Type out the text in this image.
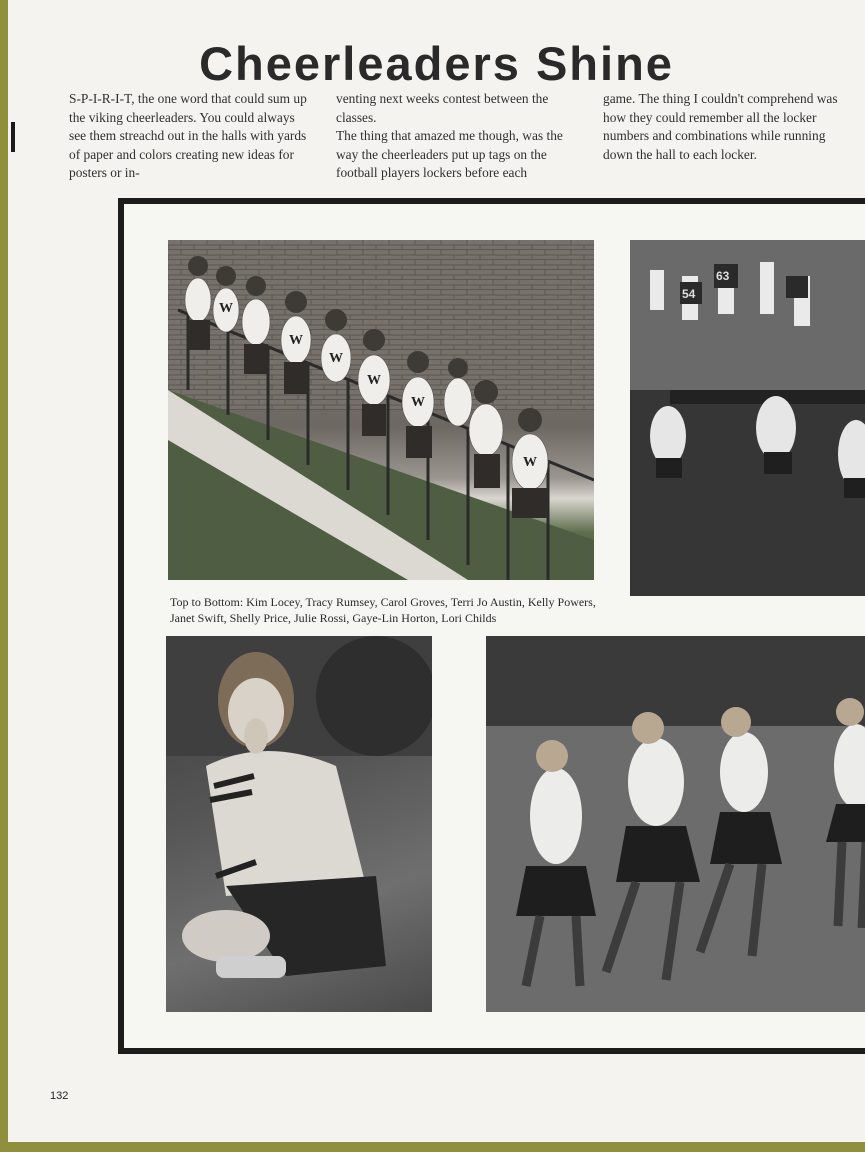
Cheerleaders Shine

S-P-I-R-I-T, the one word that could sum up the viking cheerleaders. You could always see them streachd out in the halls with yards of paper and colors creating new ideas for posters or in-

venting next weeks contest between the classes.

The thing that amazed me though, was the way the cheerleaders put up tags on the football players lockers before each

game. The thing I couldn't comprehend was how they could remember all the locker numbers and combinations while running down the hall to each locker.

W
W
W
W
W
W
54
63

Top to Bottom: Kim Locey, Tracy Rumsey, Carol Groves, Terri Jo Austin, Kelly Powers, Janet Swift, Shelly Price, Julie Rossi, Gaye-Lin Horton, Lori Childs

132
